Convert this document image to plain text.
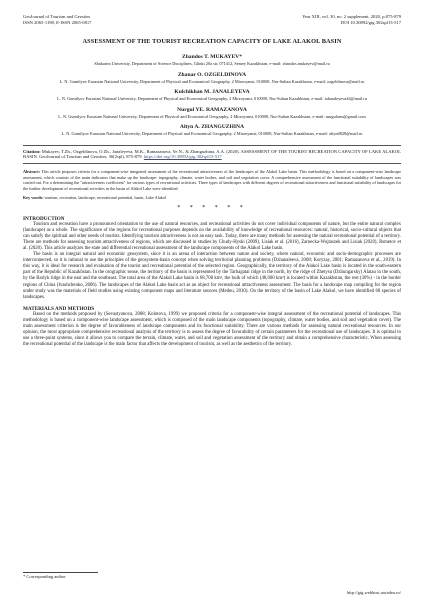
GeoJournal of Tourism and Geosites
ISSN 2065-1198, E-ISSN 2065-0817
Year XIII, vol. 30, no. 2 supplement, 2020, p.875-879
DOI 10.30892/gtg.302spl13-517
ASSESSMENT OF THE TOURIST RECREATION CAPACITY OF LAKE ALAKOL BASIN
Zhandos T. MUKAYEV*
Shakarim University, Department of Science Disciplines, Glinki 20a str, 071412, Semey Kazakhstan, e-mail: zhandos.mukayev@mail.ru
Zhanar O. OZGELDINOVA
L. N. Gumilyov Eurasian National University, Department of Physical and Economical Geography, 2 Mirzoyanst, 010008, Nur-Sultan Kazakhstan, e-mail: ozgeldinova@mail.ru
Kulchikhan M. JANALEYEVA
L. N. Gumilyov Eurasian National University, Department of Physical and Economical Geography, 2 Mirzoyanst, 010008, Nur-Sultan Kazakhstan, e-mail: tabaraleyeva44@mail.ru
Nurgul YE. RAMAZANOVA
L. N. Gumilyov Eurasian National University, Department of Physical and Economical Geography, 2 Mirzoyanst, 010008, Nur-Sultan Kazakhstan, e-mail: nurgulram@gmail.com
Altyn A. ZHANGUZHINA
L. N. Gumilyov Eurasian National University, Department of Physical and Economical Geography, 2 Mirzoyanst, 010008, Nur-Sultan Kazakhstan, e-mail: altyn0828@mail.ru
Citation: Mukayev, T.Zh., Ozgeldinova, O.Zh., Janaleyeva, M.K., Ramazanova, Ye.N., & Zhanguzhina, A.A. (2020). ASSESSMENT OF THE TOURIST RECREATION CAPACITY OF LAKE ALAKOL BASIN. GeoJournal of Tourism and Geosites, 30(2spl), 875-879. https://doi.org/10.30892/gtg.302spl13-517
Abstract: This article proposes criteria for a component-wise integrated assessment of the recreational attractiveness of the landscapes of the Alakol Lake basin. This methodology is based on a component-wise landscape assessment, which consists of the main indicators that make up the landscape: topography, climate, water bodies, and soil and vegetation cover. A comprehensive assessment of the functional suitability of landscapes was carried out. For a determining the "attractiveness coefficient" for various types of recreational activities. Three types of landscapes with different degrees of recreational attractiveness and functional suitability of landscapes for the further development of recreational activities in the basin of Alakol Lake were identified.
Key words: tourism, recreation, landscape, recreational potential, basin, Lake Alakol
* * * * * *
INTRODUCTION

Tourism and recreation have a pronounced orientation to the use of natural resources, and recreational activities do not cover individual components of nature, but the entire natural complex (landscape) as a whole. The significance of the regions for recreational purposes depends on the availability of knowledge of recreational resources: natural, historical, socio-cultural objects that can satisfy the spiritual and other needs of tourists. Identifying tourism attractiveness is not an easy task. Today, there are many methods for assessing the natural recreational potential of a territory. There are methods for assessing tourism attractiveness of regions, which are discussed in studies by Chudy-Hyski (2009), Lisiak et al. (2016), Zarnecka-Wojtaszek and Lisiak (2020), Rsmetov et al. (2020). This article analyzes the state and differential recreational assessment of the landscape components of the Alakol Lake basin.

The basin is an integral natural and economic geosystem, since it is an arena of interaction between nature and society, where natural, economic and socio-demographic processes are interconnected, so it is rational to use the principles of the geosystem-basin concept when solving territorial planning problems (Dzhanaleeva, 2008; Koryzay, 2001; Ramazanova et al., 2019). In this way, it is ideal for research and evaluation of the tourist and recreational potential of the selected region. Geographically, the territory of the Alakol Lake basin is located in the south-eastern part of the Republic of Kazakhstan. In the orographic sense, the territory of the basin is represented by the Tarbagatai ridge in the north, by the ridge of Zhetysu (Dzhungarsky) Alatau in the south, by the Barlyk ridge in the east and the southeast. The total area of the Alakol Lake basin is 68,700 km², the bulk of which (48,600 km²) is located within Kazakhstan, the rest (30%) - in the border regions of China (Ivashchenko, 2006). The landscapes of the Alakol Lake basin act as an object for recreational attractiveness assessment. The basis for a landscape map compiling for the region under study was the materials of field studies using existing component maps and literature sources (Medeu, 2010). On the territory of the basin of Lake Alakol, we have identified 68 species of landscapes.

MATERIALS AND METHODS

Based on the methods proposed by (Sevastyanova, 2008; Kolotova, 1999) we proposed criteria for a component-wise integral assessment of the recreational potential of landscapes. This methodology is based on a component-wise landscape assessment, which is composed of the main landscape components (topography, climate, water bodies, and soil and vegetation cover). The main assessment criterion is the degree of favorableness of landscape components and its functional suitability. There are various methods for assessing natural recreational resources. In our opinion, the most appropriate comprehensive recreational analysis of the territory is to assess the degree of favorability of certain parameters for the recreational use of landscapes. It is optimal to use a three-point systems, since it allows you to compare the terrain, climate, water, and soil and vegetation assessment of the territory and obtain a comprehensive characteristic. When assessing the recreational potential of the landscape is the main factor that affects the development of tourism, as well as the aesthetics of the territory.

* Corresponding author
http://gtg.webhost.uoradea.ro/
